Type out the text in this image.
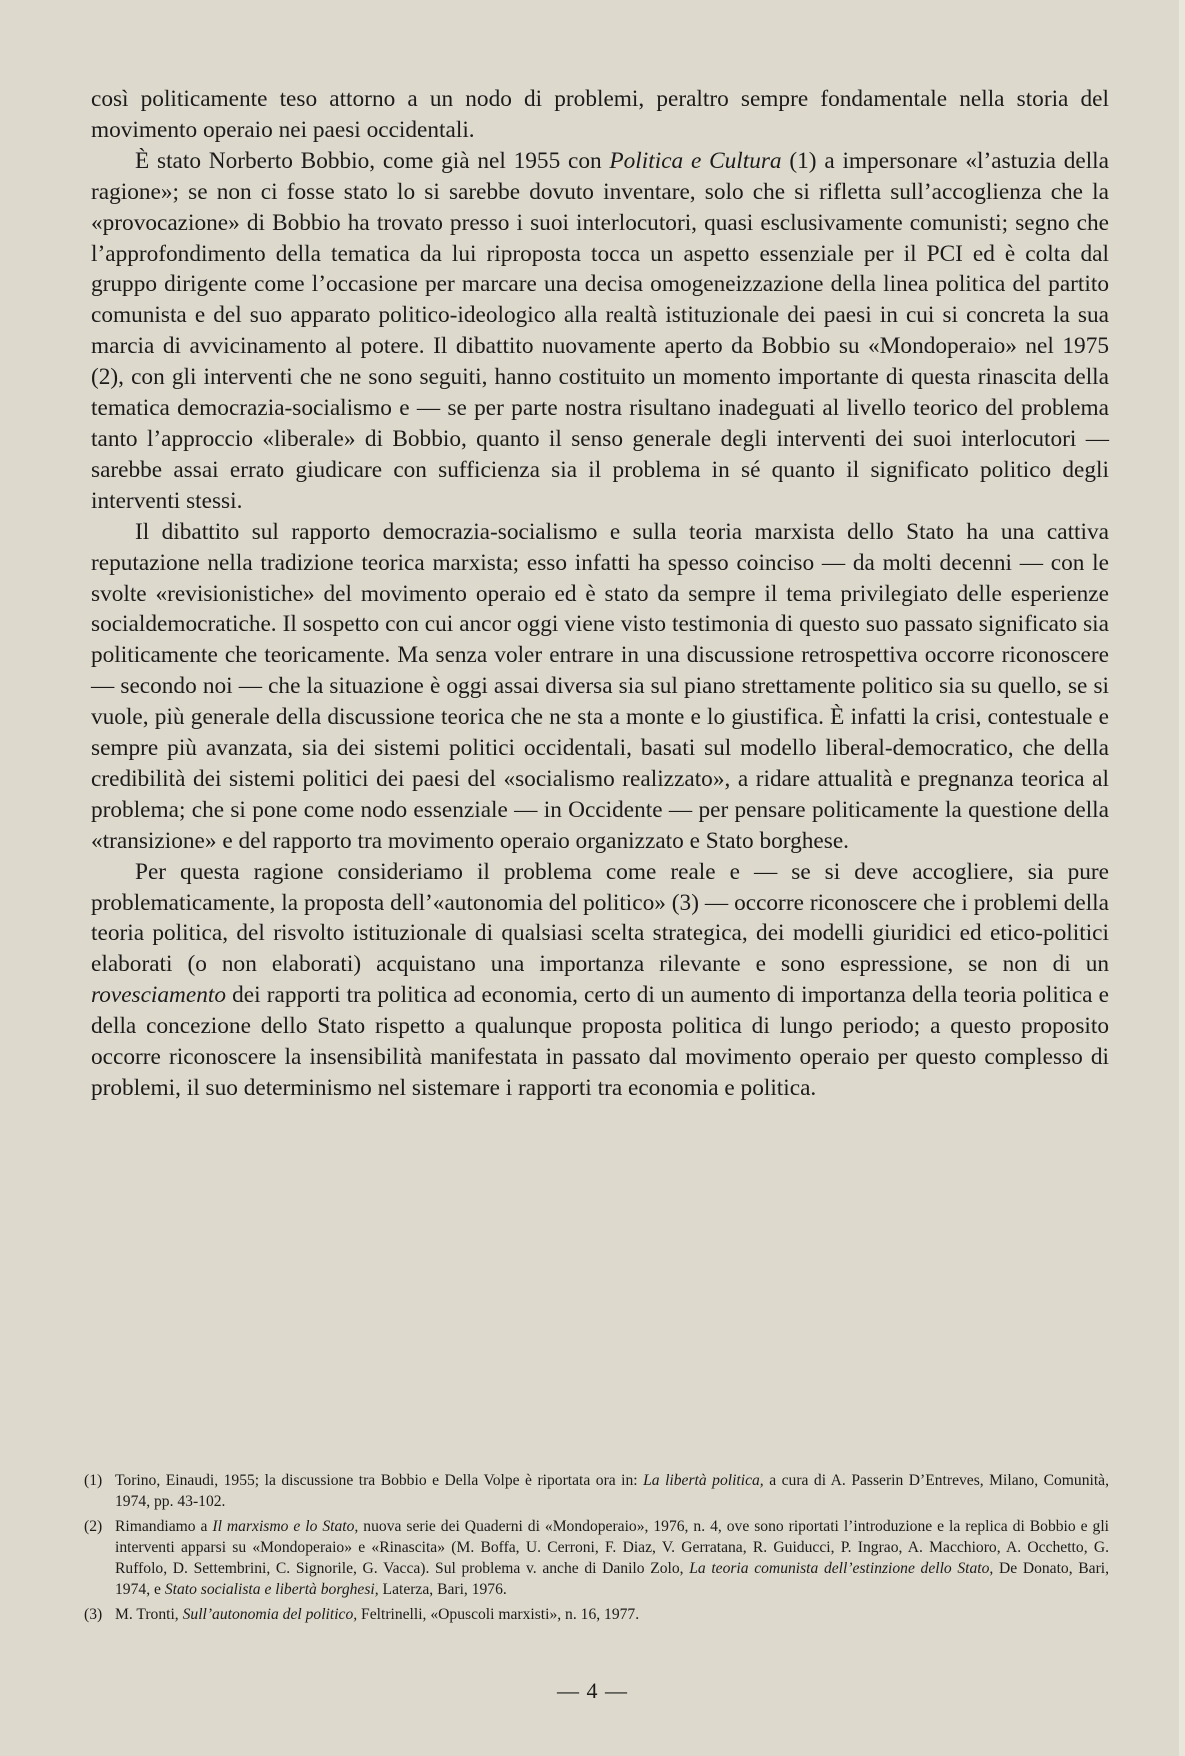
così politicamente teso attorno a un nodo di problemi, peraltro sempre fondamentale nella storia del movimento operaio nei paesi occidentali.

È stato Norberto Bobbio, come già nel 1955 con Politica e Cultura (1) a impersonare «l’astuzia della ragione»; se non ci fosse stato lo si sarebbe dovuto inventare, solo che si rifletta sull’accoglienza che la «provocazione» di Bobbio ha trovato presso i suoi interlocutori, quasi esclusivamente comunisti; segno che l’approfondimento della tematica da lui riproposta tocca un aspetto essenziale per il PCI ed è colta dal gruppo dirigente come l’occasione per marcare una decisa omogeneizzazione della linea politica del partito comunista e del suo apparato politico-ideologico alla realtà istituzionale dei paesi in cui si concreta la sua marcia di avvicinamento al potere. Il dibattito nuovamente aperto da Bobbio su «Mondoperaio» nel 1975 (2), con gli interventi che ne sono seguiti, hanno costituito un momento importante di questa rinascita della tematica democrazia-socialismo e — se per parte nostra risultano inadeguati al livello teorico del problema tanto l’approccio «liberale» di Bobbio, quanto il senso generale degli interventi dei suoi interlocutori — sarebbe assai errato giudicare con sufficienza sia il problema in sé quanto il significato politico degli interventi stessi.

Il dibattito sul rapporto democrazia-socialismo e sulla teoria marxista dello Stato ha una cattiva reputazione nella tradizione teorica marxista; esso infatti ha spesso coinciso — da molti decenni — con le svolte «revisionistiche» del movimento operaio ed è stato da sempre il tema privilegiato delle esperienze socialdemocratiche. Il sospetto con cui ancor oggi viene visto testimonia di questo suo passato significato sia politicamente che teoricamente. Ma senza voler entrare in una discussione retrospettiva occorre riconoscere — secondo noi — che la situazione è oggi assai diversa sia sul piano strettamente politico sia su quello, se si vuole, più generale della discussione teorica che ne sta a monte e lo giustifica. È infatti la crisi, contestuale e sempre più avanzata, sia dei sistemi politici occidentali, basati sul modello liberal-democratico, che della credibilità dei sistemi politici dei paesi del «socialismo realizzato», a ridare attualità e pregnanza teorica al problema; che si pone come nodo essenziale — in Occidente — per pensare politicamente la questione della «transizione» e del rapporto tra movimento operaio organizzato e Stato borghese.

Per questa ragione consideriamo il problema come reale e — se si deve accogliere, sia pure problematicamente, la proposta dell’«autonomia del politico» (3) — occorre riconoscere che i problemi della teoria politica, del risvolto istituzionale di qualsiasi scelta strategica, dei modelli giuridici ed etico-politici elaborati (o non elaborati) acquistano una importanza rilevante e sono espressione, se non di un rovesciamento dei rapporti tra politica ad economia, certo di un aumento di importanza della teoria politica e della concezione dello Stato rispetto a qualunque proposta politica di lungo periodo; a questo proposito occorre riconoscere la insensibilità manifestata in passato dal movimento operaio per questo complesso di problemi, il suo determinismo nel sistemare i rapporti tra economia e politica.

(1) Torino, Einaudi, 1955; la discussione tra Bobbio e Della Volpe è riportata ora in: La libertà politica, a cura di A. Passerin D’Entreves, Milano, Comunità, 1974, pp. 43-102.
(2) Rimandiamo a Il marxismo e lo Stato, nuova serie dei Quaderni di «Mondoperaio», 1976, n. 4, ove sono riportati l’introduzione e la replica di Bobbio e gli interventi apparsi su «Mondoperaio» e «Rinascita» (M. Boffa, U. Cerroni, F. Diaz, V. Gerratana, R. Guiducci, P. Ingrao, A. Macchioro, A. Occhetto, G. Ruffolo, D. Settembrini, C. Signorile, G. Vacca). Sul problema v. anche di Danilo Zolo, La teoria comunista dell’estinzione dello Stato, De Donato, Bari, 1974, e Stato socialista e libertà borghesi, Laterza, Bari, 1976.
(3) M. Tronti, Sull’autonomia del politico, Feltrinelli, «Opuscoli marxisti», n. 16, 1977.
— 4 —
